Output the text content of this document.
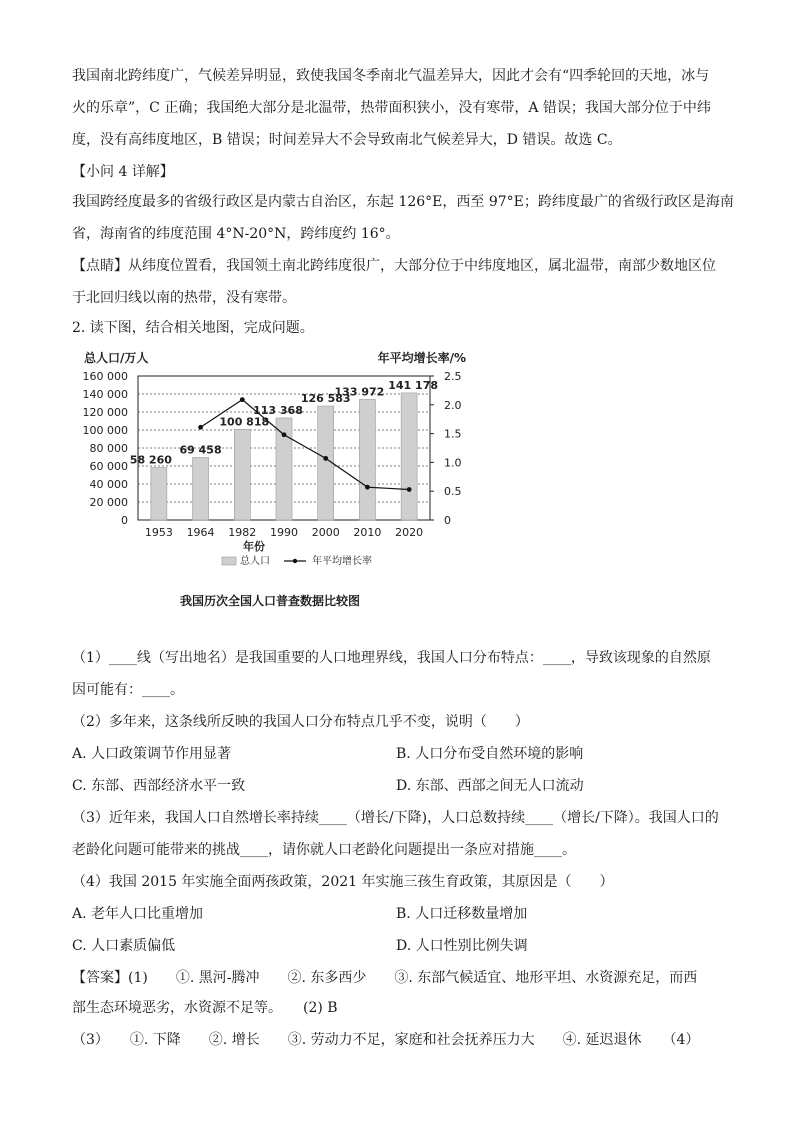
我国南北跨纬度广，气候差异明显，致使我国冬季南北气温差异大，因此才会有“四季轮回的天地，冰与
火的乐章”，C 正确；我国绝大部分是北温带，热带面积狭小，没有寒带，A 错误；我国大部分位于中纬
度，没有高纬度地区，B 错误；时间差异大不会导致南北气候差异大，D 错误。故选 C。
【小问 4 详解】
我国跨经度最多的省级行政区是内蒙古自治区，东起 126°E，西至 97°E；跨纬度最广的省级行政区是海南
省，海南省的纬度范围 4°N-20°N，跨纬度约 16°。
【点睛】从纬度位置看，我国领土南北跨纬度很广，大部分位于中纬度地区，属北温带，南部少数地区位
于北回归线以南的热带，没有寒带。
2. 读下图，结合相关地图，完成问题。
0
20 000
40 000
60 000
80 000
100 000
120 000
140 000
160 000
0
0.5
1.0
1.5
2.0
2.5
总人口/万人	年平均增长率/%
58 260
69 458
100 818
113 368
126 583
133 972 141 178
1953 1964 1982 1990 2000 2010 2020
年份
总人口	年平均增长率
我国历次全国人口普查数据比较图
（1）____线（写出地名）是我国重要的人口地理界线，我国人口分布特点：____，导致该现象的自然原
因可能有：____。
（2）多年来，这条线所反映的我国人口分布特点几乎不变，说明（　　）
A. 人口政策调节作用显著	B. 人口分布受自然环境的影响
C. 东部、西部经济水平一致	D. 东部、西部之间无人口流动
（3）近年来，我国人口自然增长率持续____（增长/下降)，人口总数持续____（增长/下降）。我国人口的
老龄化问题可能带来的挑战____，请你就人口老龄化问题提出一条应对措施____。
（4）我国 2015 年实施全面两孩政策，2021 年实施三孩生育政策，其原因是（　　）
A. 老年人口比重增加	B. 人口迁移数量增加
C. 人口素质偏低	D. 人口性别比例失调
【答案】(1)　　①. 黑河-腾冲　　②. 东多西少　　③. 东部气候适宜、地形平坦、水资源充足，而西
部生态环境恶劣，水资源不足等。　　(2) B
（3）　　①. 下降　　②. 增长　　③. 劳动力不足，家庭和社会抚养压力大　　④. 延迟退休　　（4）
